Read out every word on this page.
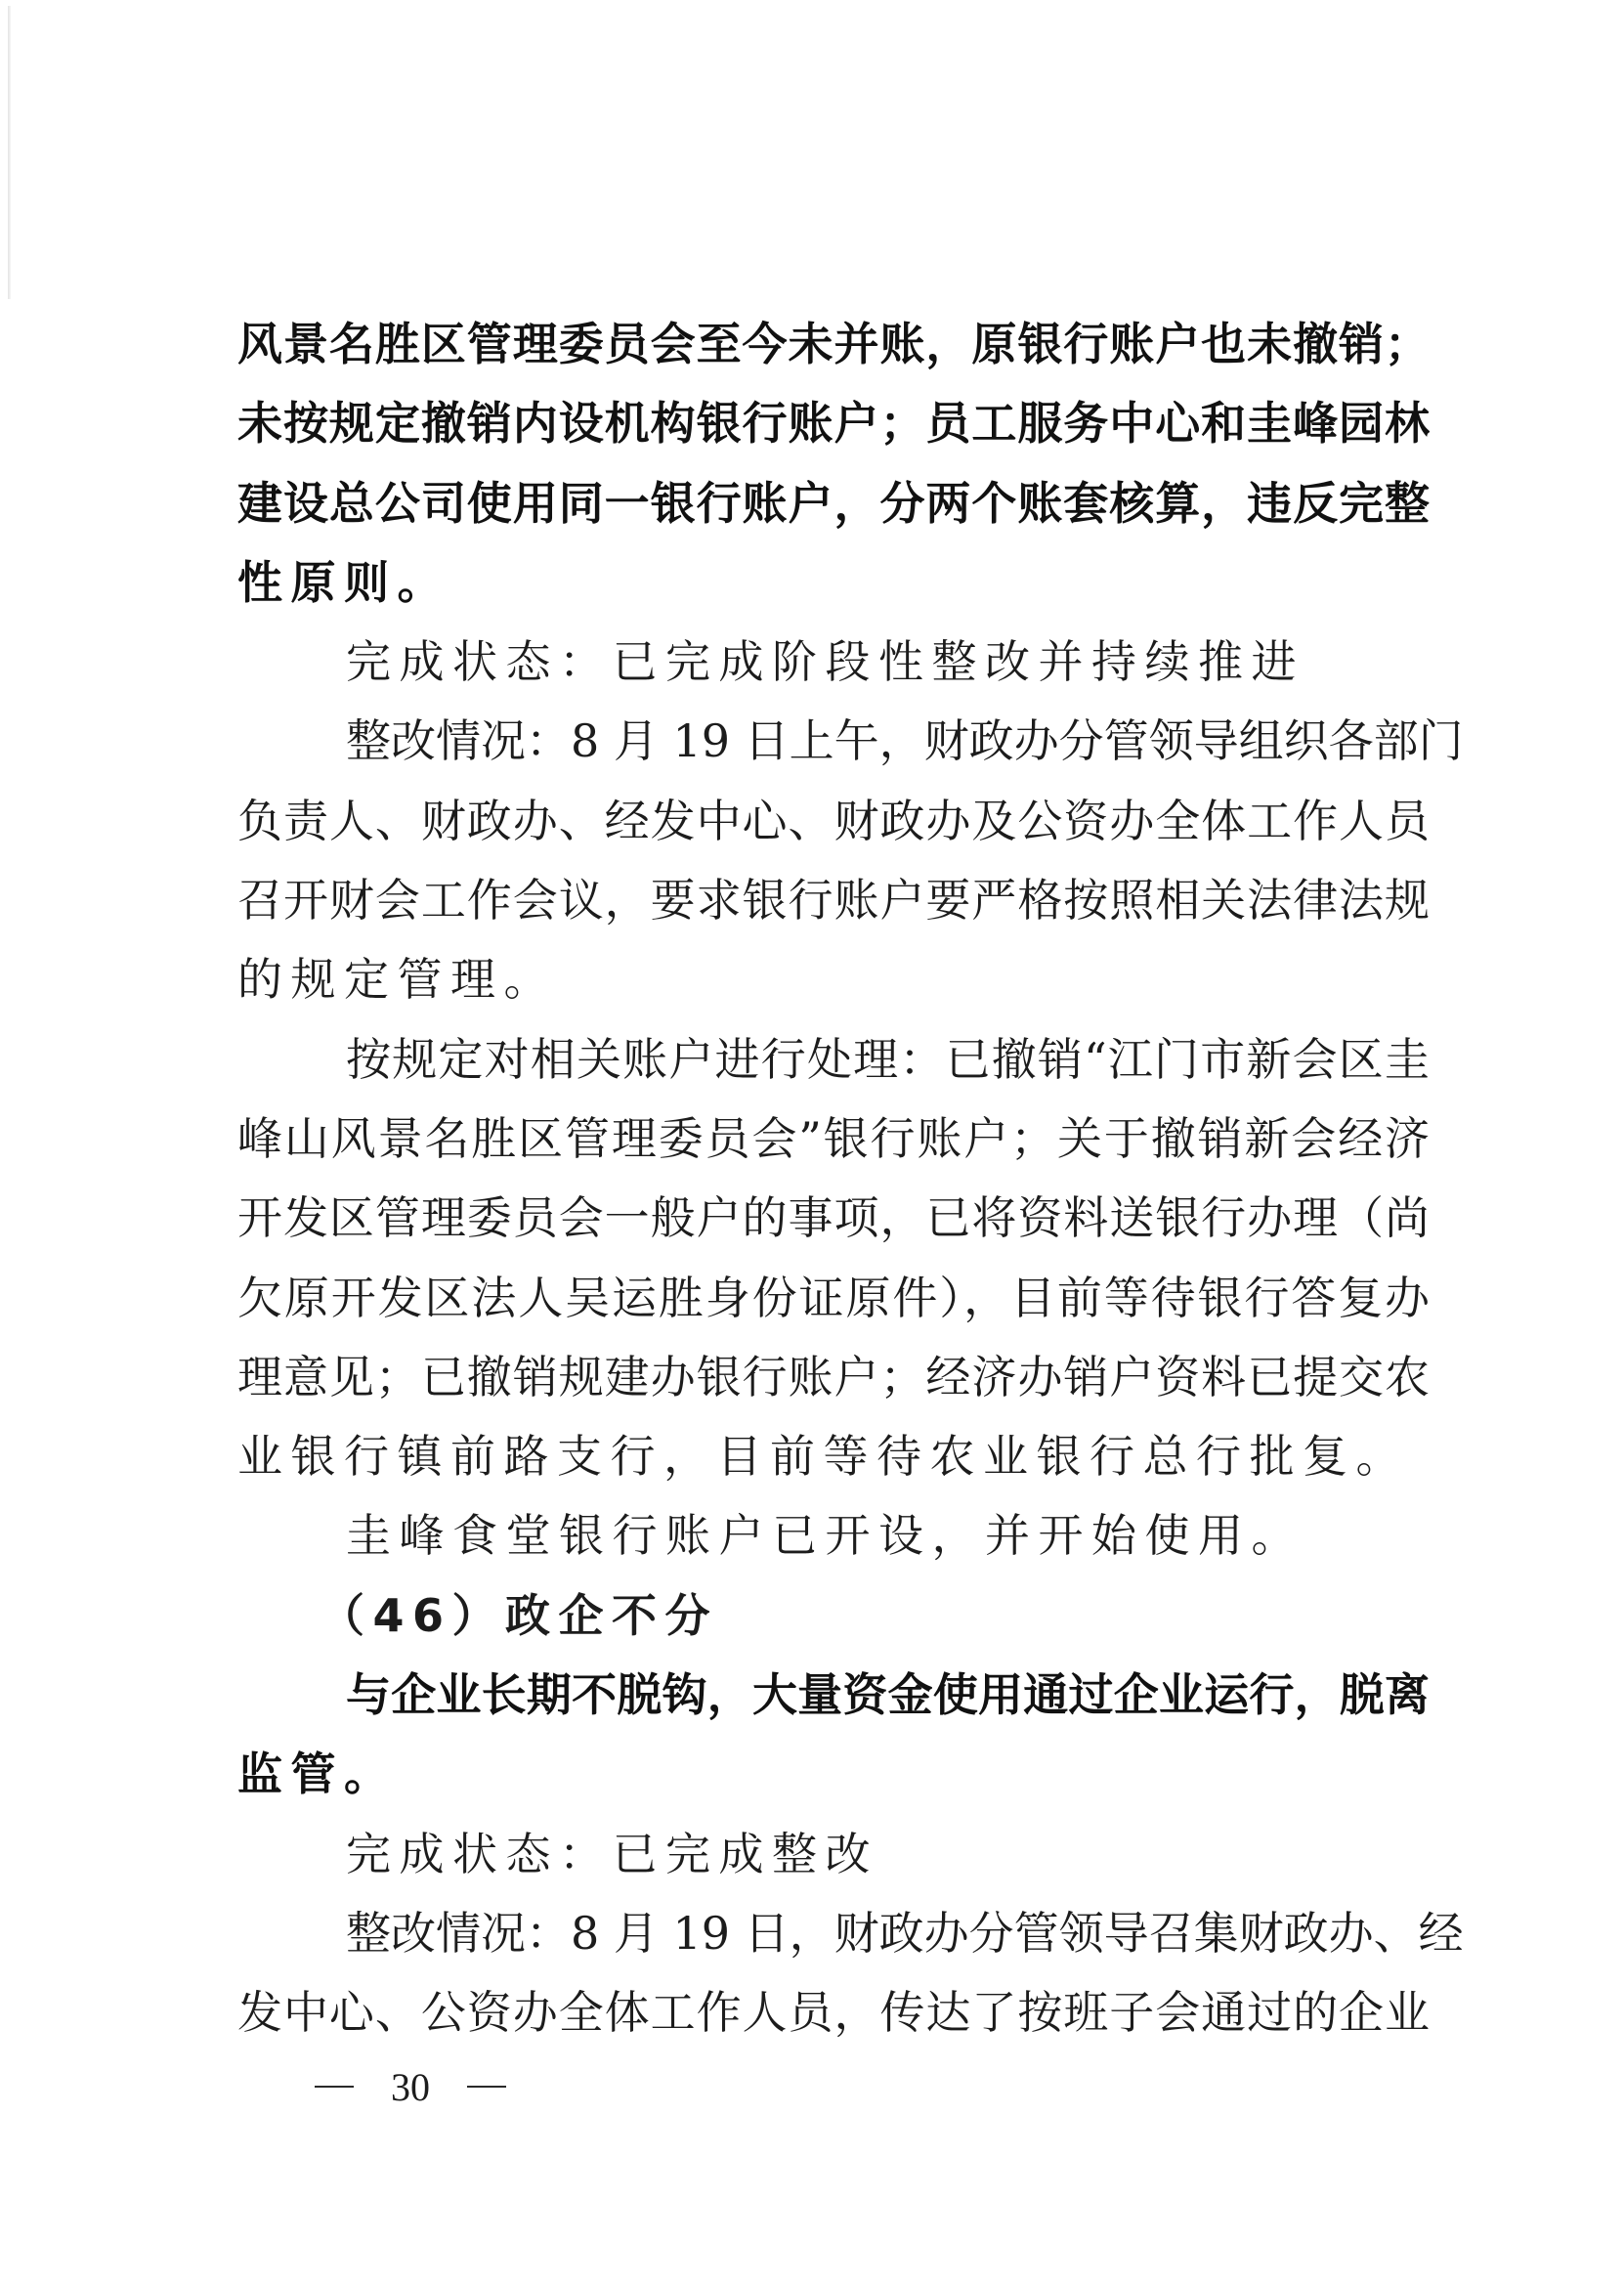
风景名胜区管理委员会至今未并账，原银行账户也未撤销；
未按规定撤销内设机构银行账户；员工服务中心和圭峰园林
建设总公司使用同一银行账户，分两个账套核算，违反完整
性原则。
完成状态：已完成阶段性整改并持续推进
整改情况：8 月 19 日上午，财政办分管领导组织各部门
负责人、财政办、经发中心、财政办及公资办全体工作人员
召开财会工作会议，要求银行账户要严格按照相关法律法规
的规定管理。
按规定对相关账户进行处理：已撤销“江门市新会区圭
峰山风景名胜区管理委员会”银行账户；关于撤销新会经济
开发区管理委员会一般户的事项，已将资料送银行办理（尚
欠原开发区法人吴运胜身份证原件），目前等待银行答复办
理意见；已撤销规建办银行账户；经济办销户资料已提交农
业银行镇前路支行，目前等待农业银行总行批复。
圭峰食堂银行账户已开设，并开始使用。
（46）政企不分
与企业长期不脱钩，大量资金使用通过企业运行，脱离
监管。
完成状态：已完成整改
整改情况：8 月 19 日，财政办分管领导召集财政办、经
发中心、公资办全体工作人员，传达了按班子会通过的企业
30
